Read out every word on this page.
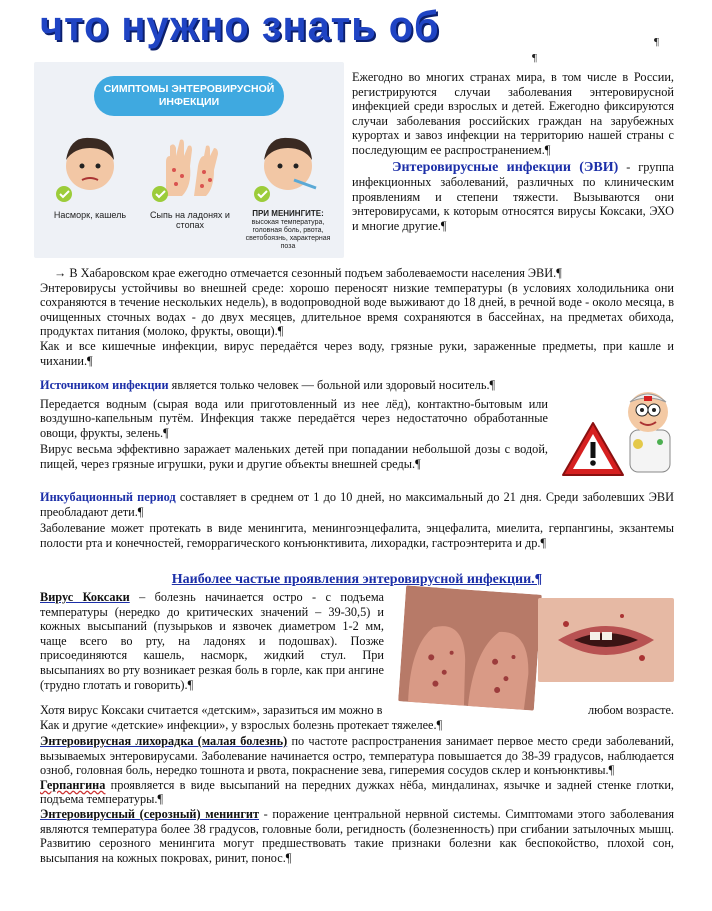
что нужно знать об	¶
¶
СИМПТОМЫ ЭНТЕРОВИРУСНОЙ ИНФЕКЦИИ
Насморк, кашель	Сыпь на ладонях и стопах
ПРИ МЕНИНГИТЕ:
высокая температура, головная боль, рвота, светобоязнь, характерная поза

Ежегодно во многих странах мира, в том числе в России, регистрируются случаи заболевания энтеровирусной инфекцией среди взрослых и детей. Ежегодно фиксируются случаи заболевания российских граждан на зарубежных курортах и завоз инфекции на территорию нашей страны с последующим ее распространением.¶

Энтеровирусные инфекции (ЭВИ) - группа инфекционных заболеваний, различных по клиническим проявлениям и степени тяжести. Вызываются они энтеровирусами, к которым относятся вирусы Коксаки, ЭХО и многие другие.¶

→ В Хабаровском крае ежегодно отмечается сезонный подъем заболеваемости населения ЭВИ.¶

Энтеровирусы устойчивы во внешней среде: хорошо переносят низкие температуры (в условиях холодильника они сохраняются в течение нескольких недель), в водопроводной воде выживают до 18 дней, в речной воде - около месяца, в очищенных сточных водах - до двух месяцев, длительное время сохраняются в бассейнах, на предметах обихода, продуктах питания (молоко, фрукты, овощи).¶

Как и все кишечные инфекции, вирус передаётся через воду, грязные руки, зараженные предметы, при кашле и чихании.¶

Источником инфекции является только человек — больной или здоровый носитель.¶

Передается водным (сырая вода или приготовленный из нее лёд), контактно-бытовым или воздушно-капельным путём. Инфекция также передаётся через недостаточно обработанные овощи, фрукты, зелень.¶

Вирус весьма эффективно заражает маленьких детей при попадании небольшой дозы с водой, пищей, через грязные игрушки, руки и другие объекты внешней среды.¶

Инкубационный период составляет в среднем от 1 до 10 дней, но максимальный до 21 дня. Среди заболевших ЭВИ преобладают дети.¶

Заболевание может протекать в виде менингита, менингоэнцефалита, энцефалита, миелита, герпангины, экзантемы полости рта и конечностей, геморрагического конъюнктивита, лихорадки, гастроэнтерита и др.¶

Наиболее частые проявления энтеровирусной инфекции.¶

Вирус Коксаки – болезнь начинается остро - с подъема температуры (нередко до критических значений – 39-30,5) и кожных высыпаний (пузырьков и язвочек диаметром 1-2 мм, чаще всего во рту, на ладонях и подошвах). Позже присоединяются кашель, насморк, жидкий стул. При высыпаниях во рту возникает резкая боль в горле, как при ангине (трудно глотать и говорить).¶

Хотя вирус Коксаки считается «детским», заразиться им можно в	любом возрасте.

Как и другие «детские» инфекции», у взрослых болезнь протекает тяжелее.¶

Энтеровирусная лихорадка (малая болезнь) по частоте распространения занимает первое место среди заболеваний, вызываемых энтеровирусами. Заболевание начинается остро, температура повышается до 38-39 градусов, наблюдается озноб, головная боль, нередко тошнота и рвота, покраснение зева, гиперемия сосудов склер и конъюнктивы.¶

Герпангина проявляется в виде высыпаний на передних дужках нёба, миндалинах, язычке и задней стенке глотки, подъема температуры.¶

Энтеровирусный (серозный) менингит - поражение центральной нервной системы. Симптомами этого заболевания являются температура более 38 градусов, головные боли, регидность (болезненность) при сгибании затылочных мышц. Развитию серозного менингита могут предшествовать такие признаки болезни как беспокойство, плохой сон, высыпания на кожных покровах, ринит, понос.¶
